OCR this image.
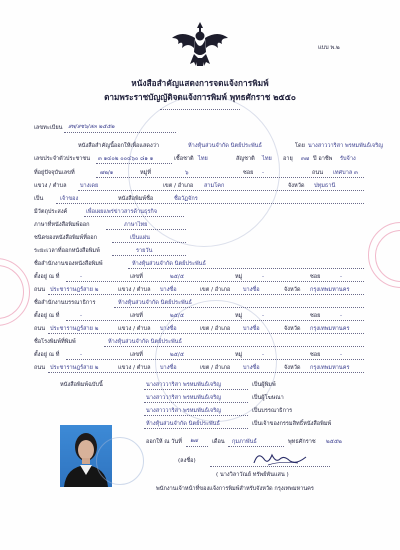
แบบ พ.๒
หนังสือสำคัญแสดงการจดแจ้งการพิมพ์
ตามพระราชบัญญัติจดแจ้งการพิมพ์ พุทธศักราช ๒๕๕๐
เลขทะเบียน สพ/สช๖/ส๓ ๒๕๕๒
หนังสือสำคัญนี้ออกให้เพื่อแสดงว่า	ห้างหุ้นส่วนจำกัด นิตย์ประพันธ์	โดย นางสาววาริสา พรหมพันธ์เจริญ
เลขประจำตัวประชาชน ๓ ๑๔๐๒ ๐๐๔๖๐ ๘๑ ๑	เชื้อชาติ ไทย	สัญชาติ ไทย อายุ ๓๗ ปี อาชีพ รับจ้าง
ที่อยู่ปัจจุบันเลขที่	๗๒/๑	หมู่ที่	๖	ซอย -	ถนน เทศบาล ๓
แขวง / ตำบล บางเดย	เขต / อำเภอ สามโคก	จังหวัด ปทุมธานี
เป็น	เจ้าของ	หนังสือพิมพ์ชื่อ	ชื่อวัฏจักร
มีวัตถุประสงค์	เพื่อเผยแพร่ข่าวสารด้านธุรกิจ
ภาษาที่หนังสือพิมพ์ออก	ภาษาไทย
ชนิดของหนังสือพิมพ์ที่ออก	เป็นแผ่น
ระยะเวลาที่ออกหนังสือพิมพ์	รายวัน
ชื่อสำนักงานของหนังสือพิมพ์	ห้างหุ้นส่วนจำกัด นิตย์ประพันธ์
ตั้งอยู่ ณ ที่	-	เลขที่	๒๕/๕	หมู่	-	ซอย	-
ถนน ประชาราษฎร์สาย ๒	แขวง / ตำบล บางซื่อ	เขต / อำเภอ บางซื่อ	จังหวัด กรุงเทพมหานคร
ชื่อสำนักงานบรรณาธิการ	ห้างหุ้นส่วนจำกัด นิตย์ประพันธ์
ตั้งอยู่ ณ ที่	-	เลขที่	๒๕/๕	หมู่	-	ซอย	-
ถนน ประชาราษฎร์สาย ๒	แขวง / ตำบล บางซื่อ	เขต / อำเภอ บางซื่อ	จังหวัด กรุงเทพมหานคร
ชื่อโรงพิมพ์ที่พิมพ์	ห้างหุ้นส่วนจำกัด นิตย์ประพันธ์
ตั้งอยู่ ณ ที่	-	เลขที่	๒๕/๕	หมู่	-	ซอย	-
ถนน ประชาราษฎร์สาย ๒	แขวง / ตำบล บางซื่อ	เขต / อำเภอ บางซื่อ	จังหวัด กรุงเทพมหานคร
หนังสือพิมพ์ฉบับนี้	นางสาววาริสา พรหมพันธ์เจริญ	เป็นผู้พิมพ์
นางสาววาริสา พรหมพันธ์เจริญ	เป็นผู้โฆษณา
นางสาววาริสา พรหมพันธ์เจริญ	เป็นบรรณาธิการ
ห้างหุ้นส่วนจำกัด นิตย์ประพันธ์	เป็นเจ้าของกรรมสิทธิ์หนังสือพิมพ์
ออกให้ ณ วันที่ ๒๗	เดือน กุมภาพันธ์	พุทธศักราช ๒๕๕๒
(ลงชื่อ)
( นางวิลาวัณย์ ทรัพย์พันแสน )
พนักงานเจ้าหน้าที่ของแจ้งการพิมพ์สำหรับจังหวัด กรุงเทพมหานคร
